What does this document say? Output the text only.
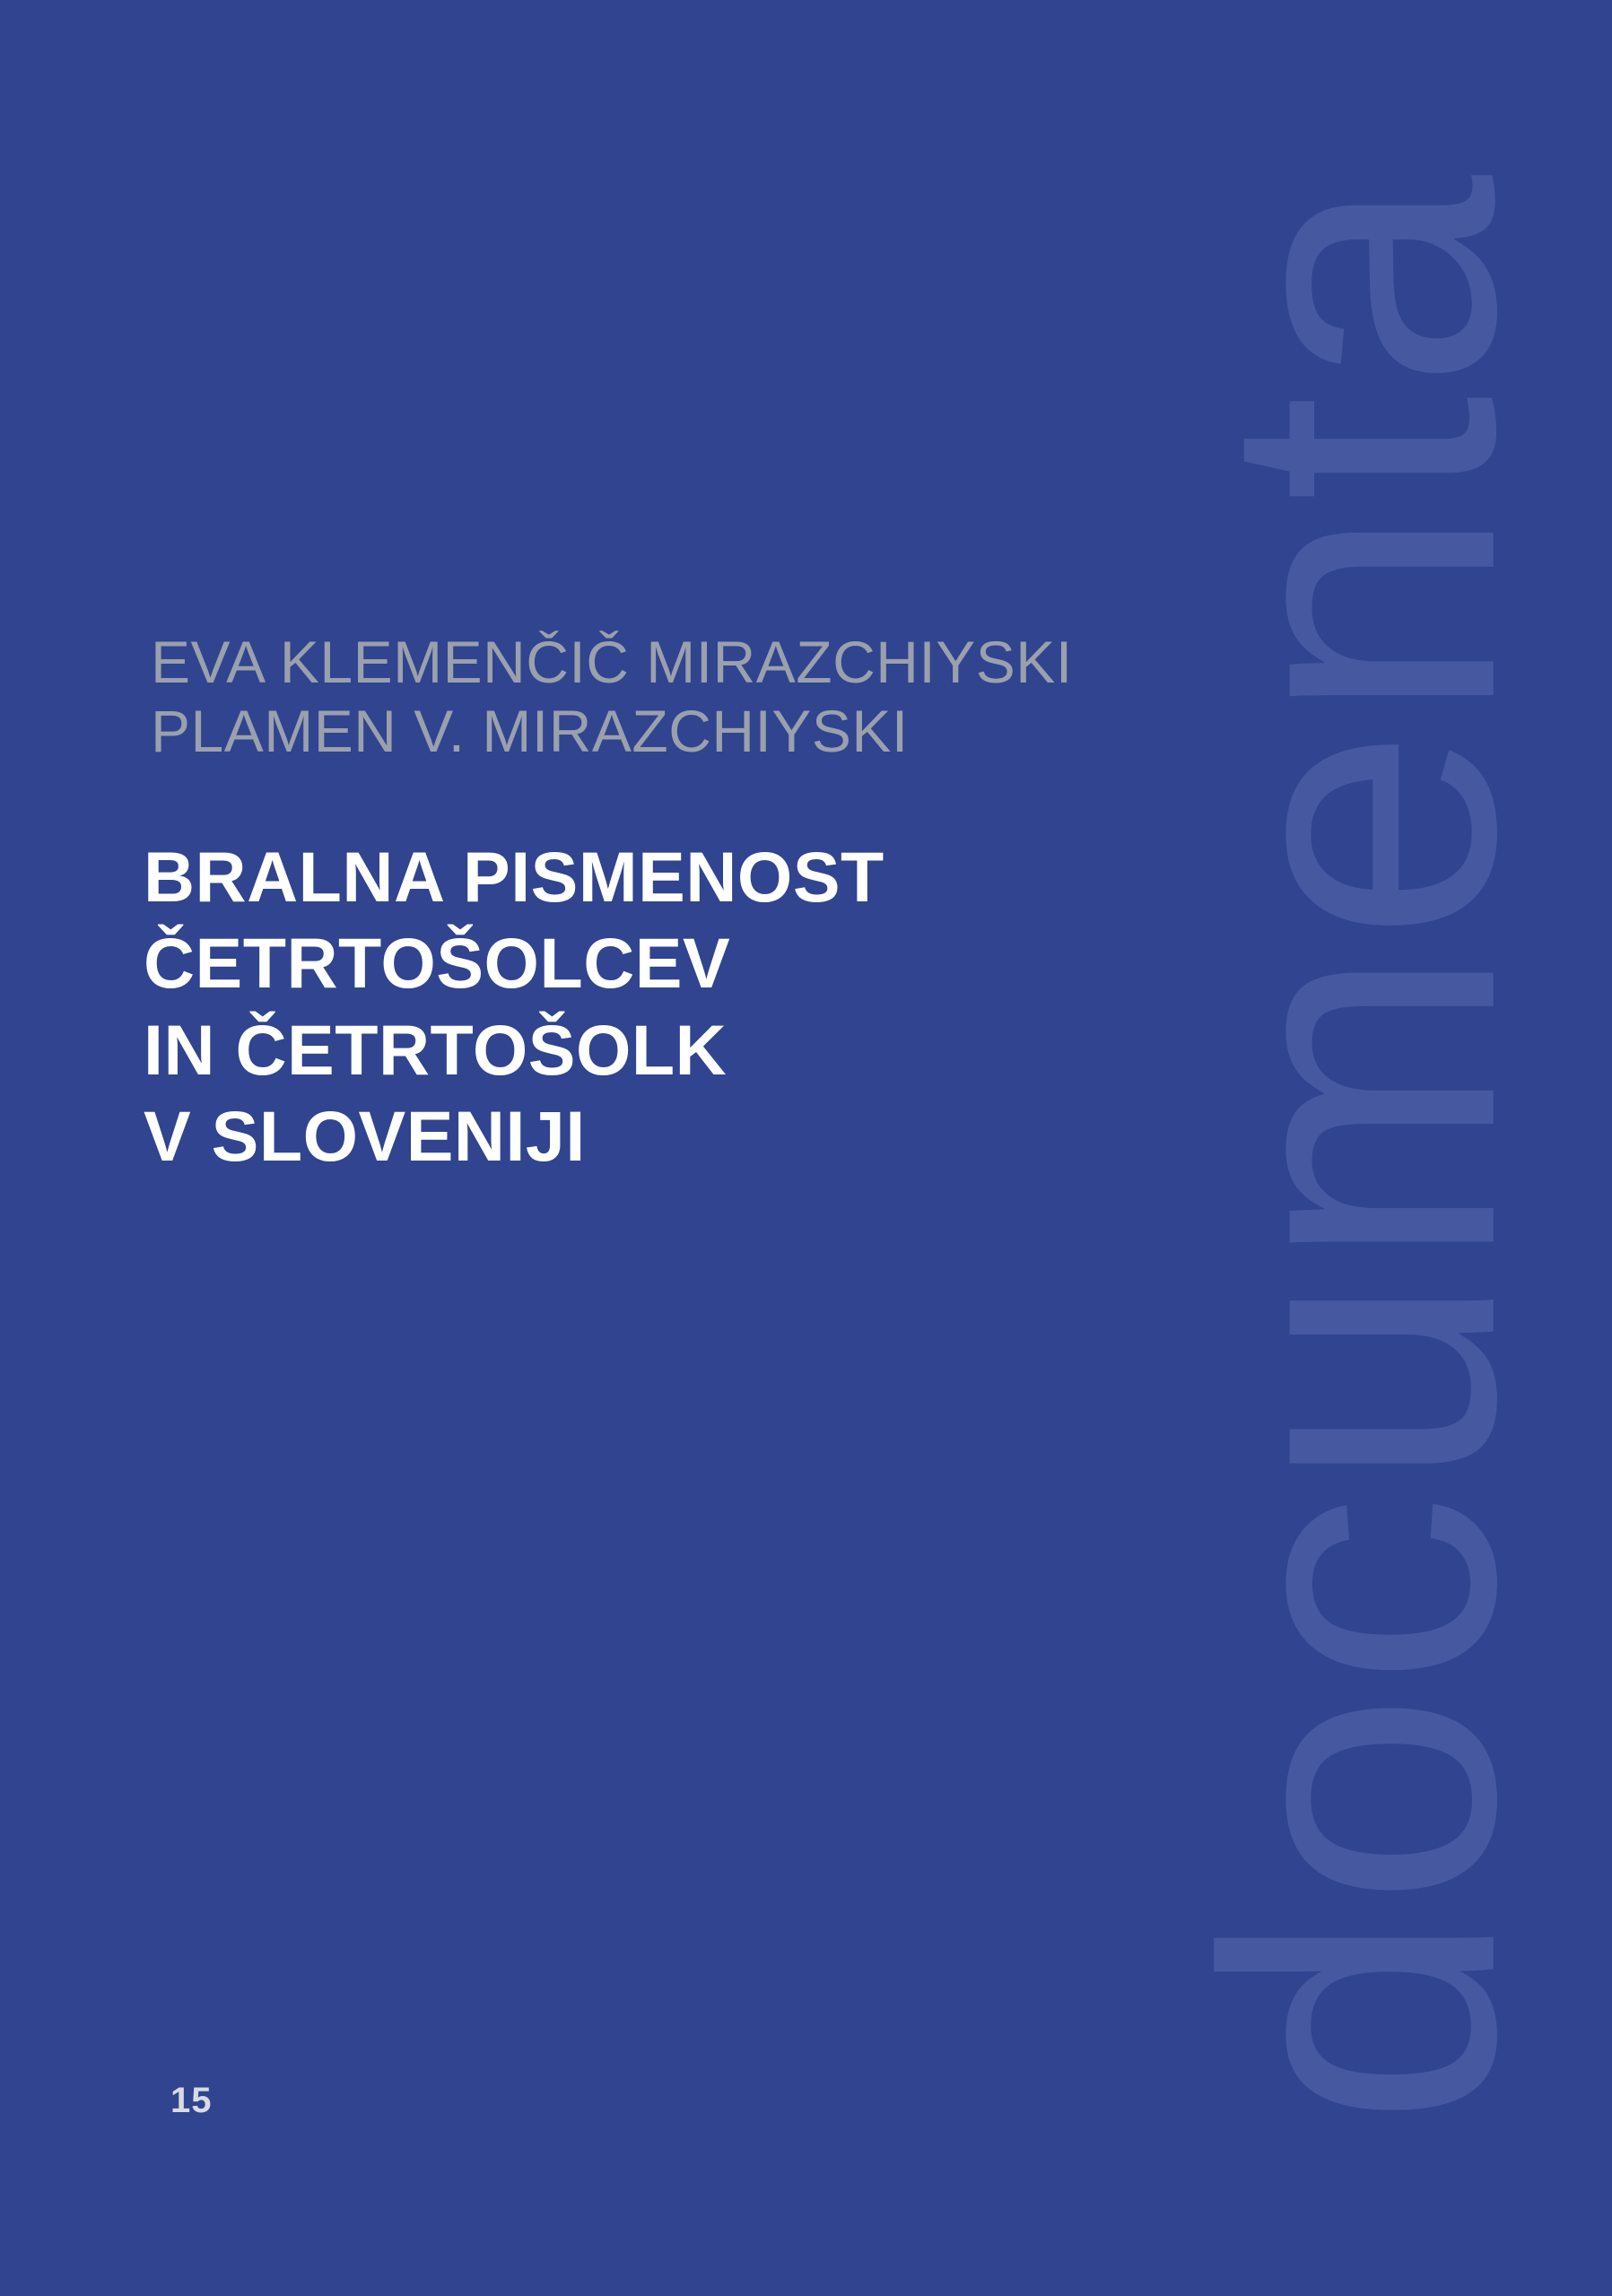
documenta
EVA KLEMENČIČ MIRAZCHIYSKI
PLAMEN V. MIRAZCHIYSKI
BRALNA PISMENOST
ČETRTOŠOLCEV
IN ČETRTOŠOLK
V SLOVENIJI
15
